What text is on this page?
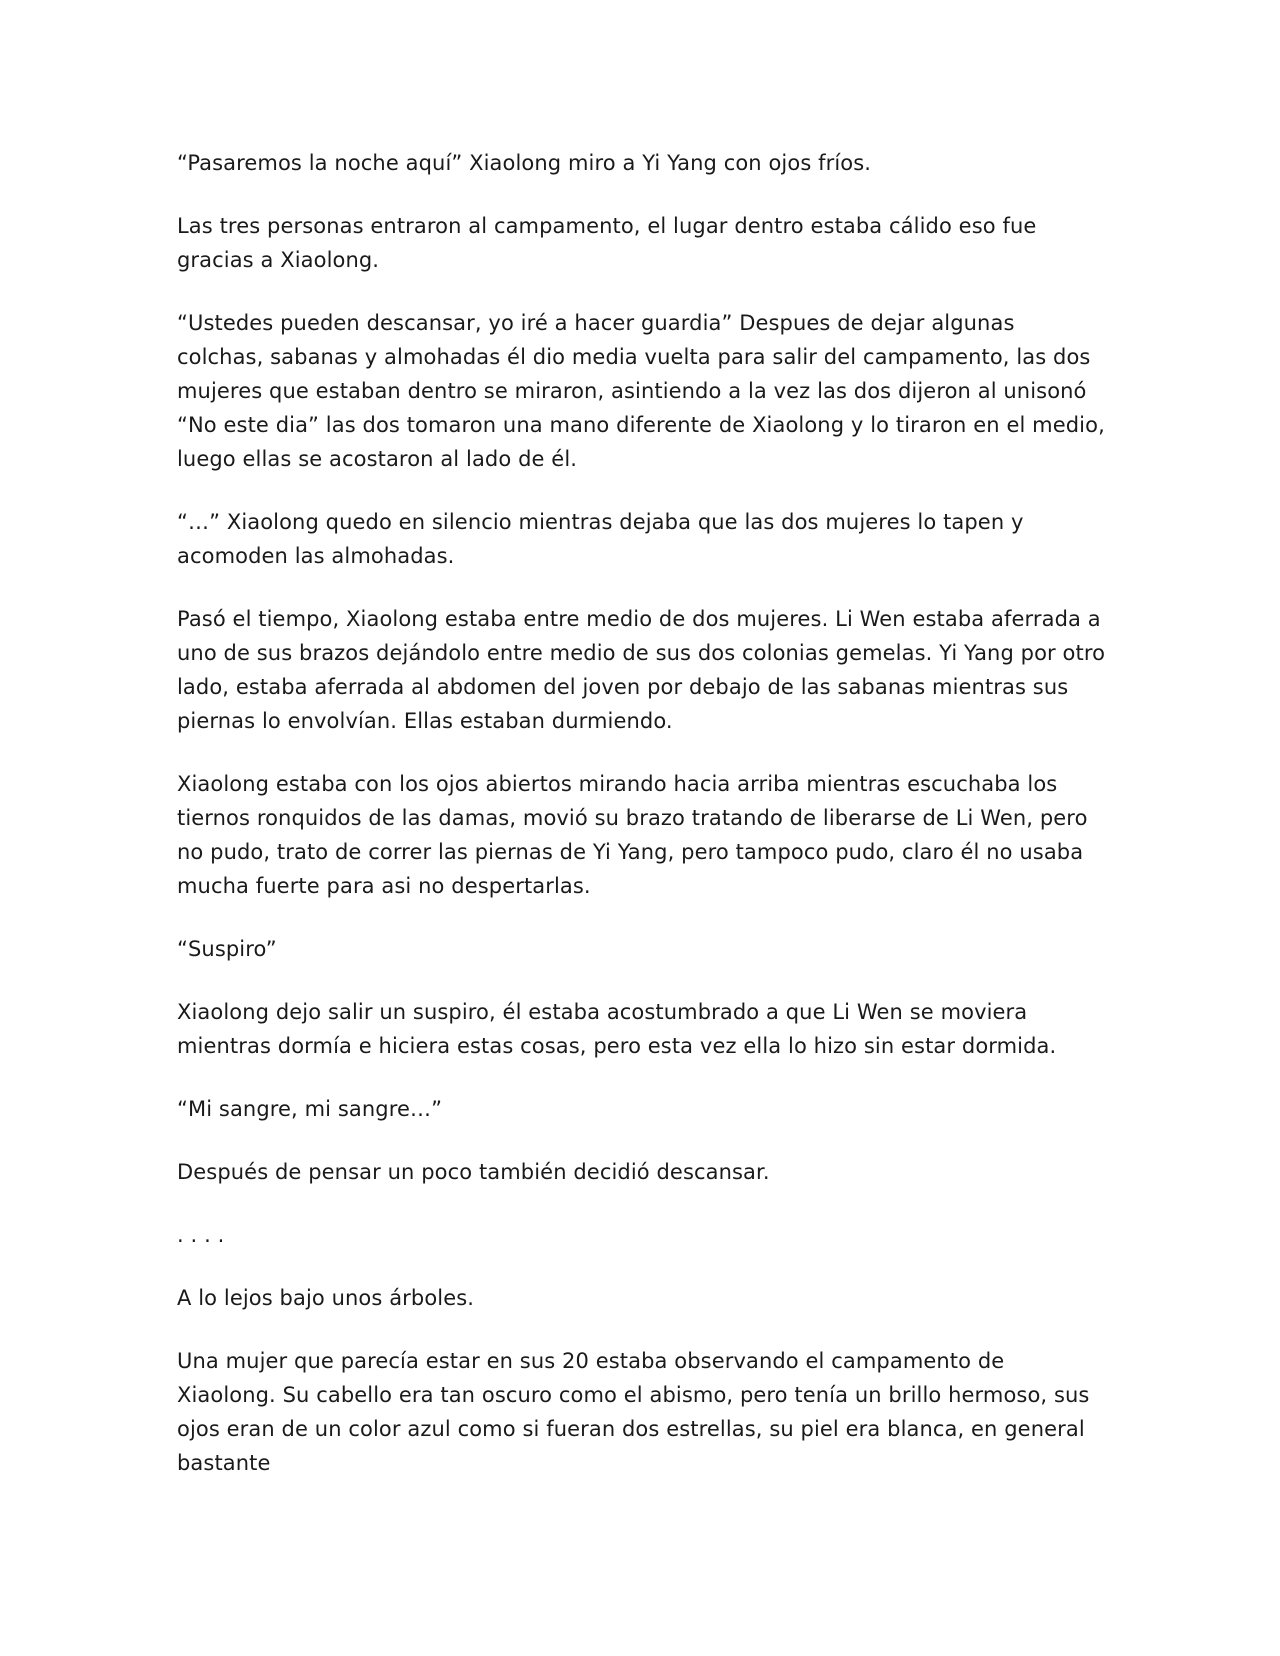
“Pasaremos la noche aquí” Xiaolong miro a Yi Yang con ojos fríos.

Las tres personas entraron al campamento, el lugar dentro estaba cálido eso fue gracias a Xiaolong.

“Ustedes pueden descansar, yo iré a hacer guardia” Despues de dejar algunas colchas, sabanas y almohadas él dio media vuelta para salir del campamento, las dos mujeres que estaban dentro se miraron, asintiendo a la vez las dos dijeron al unisonó “No este dia” las dos tomaron una mano diferente de Xiaolong y lo tiraron en el medio, luego ellas se acostaron al lado de él.

“…” Xiaolong quedo en silencio mientras dejaba que las dos mujeres lo tapen y acomoden las almohadas.

Pasó el tiempo, Xiaolong estaba entre medio de dos mujeres. Li Wen estaba aferrada a uno de sus brazos dejándolo entre medio de sus dos colonias gemelas. Yi Yang por otro lado, estaba aferrada al abdomen del joven por debajo de las sabanas mientras sus piernas lo envolvían. Ellas estaban durmiendo.

Xiaolong estaba con los ojos abiertos mirando hacia arriba mientras escuchaba los tiernos ronquidos de las damas, movió su brazo tratando de liberarse de Li Wen, pero no pudo, trato de correr las piernas de Yi Yang, pero tampoco pudo, claro él no usaba mucha fuerte para asi no despertarlas.

“Suspiro”

Xiaolong dejo salir un suspiro, él estaba acostumbrado a que Li Wen se moviera mientras dormía e hiciera estas cosas, pero esta vez ella lo hizo sin estar dormida.

“Mi sangre, mi sangre…”

Después de pensar un poco también decidió descansar.

. . . .

A lo lejos bajo unos árboles.

Una mujer que parecía estar en sus 20 estaba observando el campamento de Xiaolong. Su cabello era tan oscuro como el abismo, pero tenía un brillo hermoso, sus ojos eran de un color azul como si fueran dos estrellas, su piel era blanca, en general bastante
